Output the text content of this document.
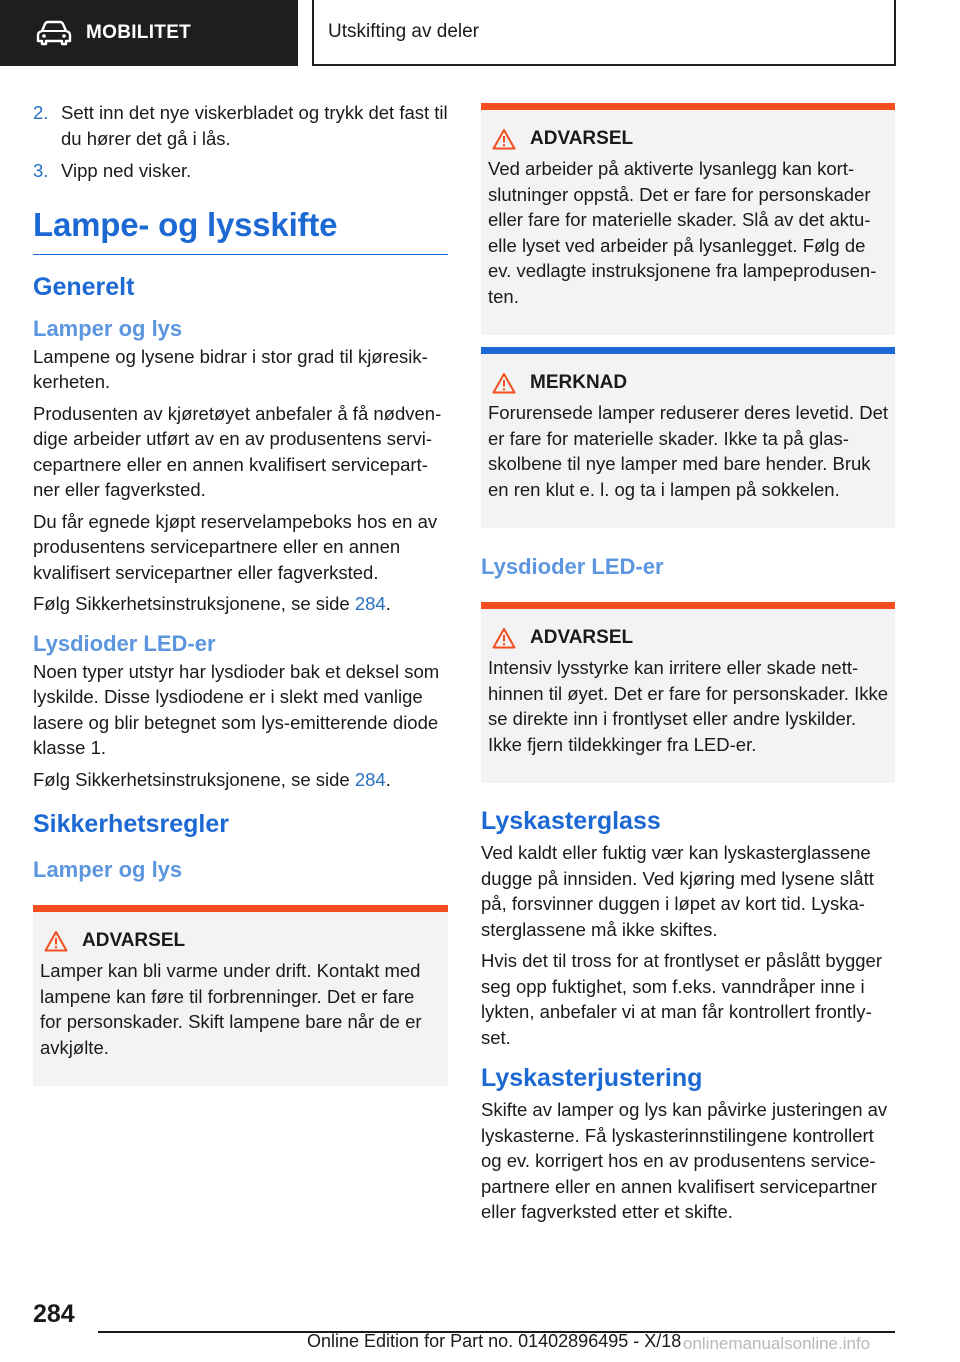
MOBILITET	Utskifting av deler
2. Sett inn det nye viskerbladet og trykk det fast til du hører det gå i lås.
3. Vipp ned visker.
Lampe- og lysskifte
Generelt
Lamper og lys

Lampene og lysene bidrar i stor grad til kjøresikkerheten.

Produsenten av kjøretøyet anbefaler å få nødvendige arbeider utført av en av produsentens servicepartnere eller en annen kvalifisert servicepartner eller fagverksted.

Du får egnede kjøpt reservelampeboks hos en av produsentens servicepartnere eller en annen kvalifisert servicepartner eller fagverksted.

Følg Sikkerhetsinstruksjonene, se side 284.

Lysdioder LED-er

Noen typer utstyr har lysdioder bak et deksel som lyskilde. Disse lysdiodene er i slekt med vanlige lasere og blir betegnet som lys-emitterende diode klasse 1.

Følg Sikkerhetsinstruksjonene, se side 284.

Sikkerhetsregler
Lamper og lys
ADVARSEL

Lamper kan bli varme under drift. Kontakt med lampene kan føre til forbrenninger. Det er fare for personskader. Skift lampene bare når de er avkjølte.

ADVARSEL

Ved arbeider på aktiverte lysanlegg kan kortslutninger oppstå. Det er fare for personskader eller fare for materielle skader. Slå av det aktuelle lyset ved arbeider på lysanlegget. Følg de ev. vedlagte instruksjonene fra lampeprodusenten.

MERKNAD

Forurensede lamper reduserer deres levetid. Det er fare for materielle skader. Ikke ta på glasskolbene til nye lamper med bare hender. Bruk en ren klut e. l. og ta i lampen på sokkelen.

Lysdioder LED-er
ADVARSEL

Intensiv lysstyrke kan irritere eller skade netthinnen til øyet. Det er fare for personskader. Ikke se direkte inn i frontlyset eller andre lyskilder. Ikke fjern tildekkinger fra LED-er.

Lyskasterglass

Ved kaldt eller fuktig vær kan lyskasterglassene dugge på innsiden. Ved kjøring med lysene slått på, forsvinner duggen i løpet av kort tid. Lyskasterglassene må ikke skiftes.

Hvis det til tross for at frontlyset er påslått bygger seg opp fuktighet, som f.eks. vanndråper inne i lykten, anbefaler vi at man får kontrollert frontlyset.

Lyskasterjustering

Skifte av lamper og lys kan påvirke justeringen av lyskasterne. Få lyskasterinnstilingene kontrollert og ev. korrigert hos en av produsentens servicepartnere eller en annen kvalifisert servicepartner eller fagverksted etter et skifte.

284
Online Edition for Part no. 01402896495 - X/18 onlinemanualsonline.info
